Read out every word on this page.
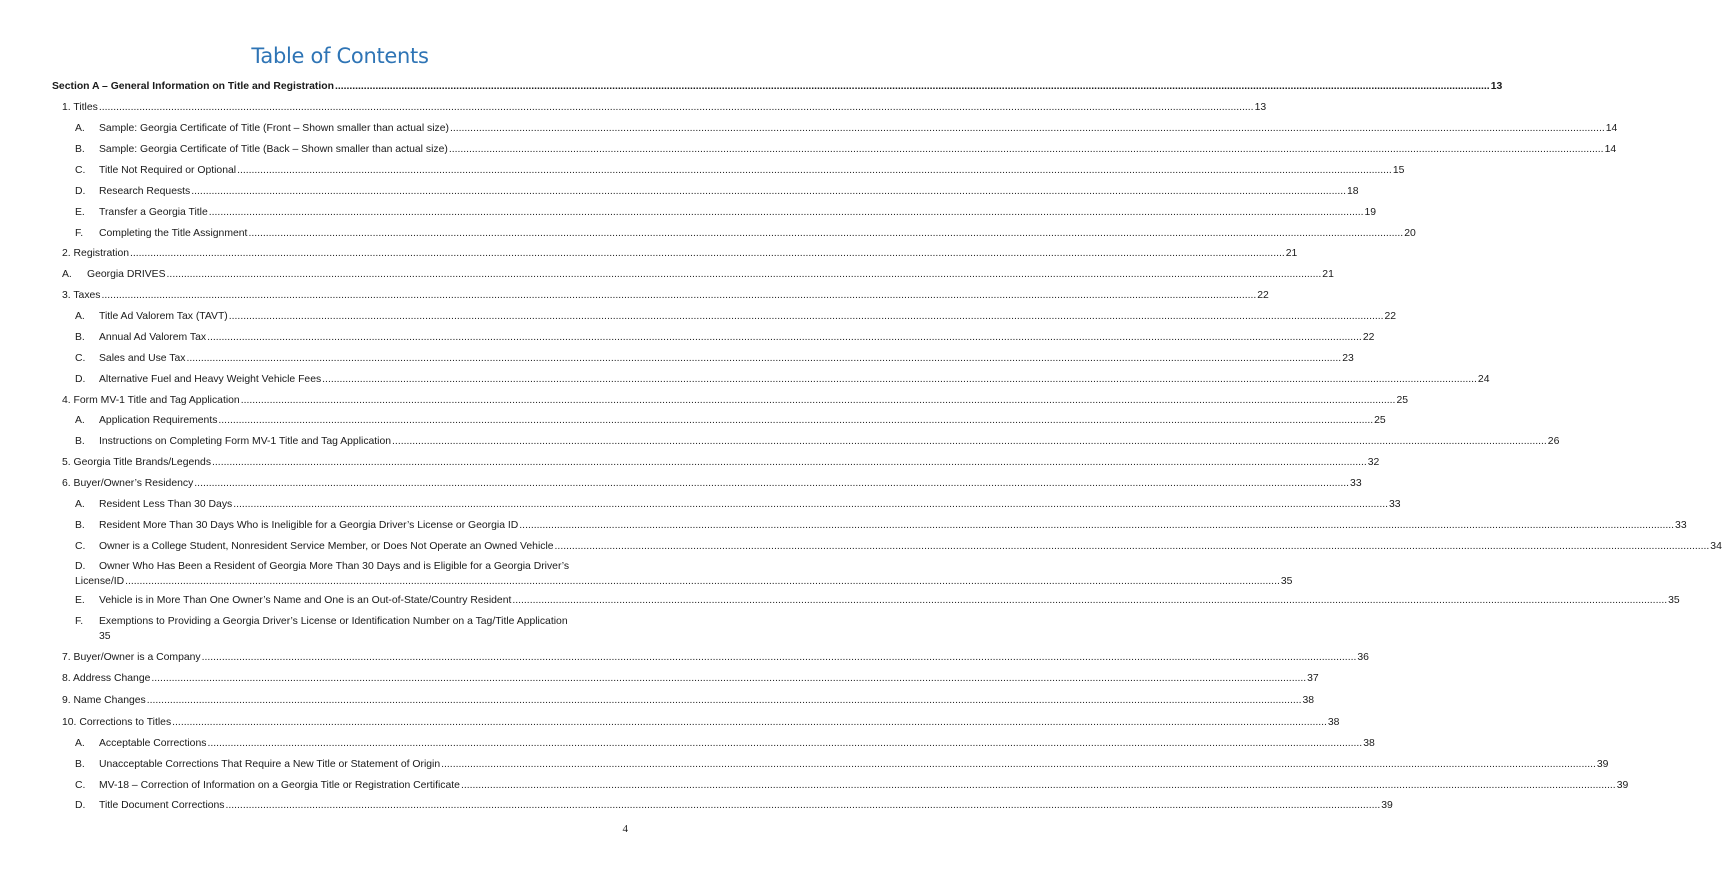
Table of Contents
Section A – General Information on Title and Registration ................................................................................................................................................................................................................................................................................................................................................................................................................ 13
1. Titles ................................................................................................................................................................................................................................................................................................................................................................................................................ 13
A.	Sample: Georgia Certificate of Title (Front – Shown smaller than actual size) ................................................................................................................................................................................................................................................................................................................................................................................................................ 14
B.	Sample: Georgia Certificate of Title (Back – Shown smaller than actual size) ................................................................................................................................................................................................................................................................................................................................................................................................................ 14
C.	Title Not Required or Optional ................................................................................................................................................................................................................................................................................................................................................................................................................ 15
D.	Research Requests ................................................................................................................................................................................................................................................................................................................................................................................................................ 18
E.	Transfer a Georgia Title ................................................................................................................................................................................................................................................................................................................................................................................................................ 19
F.	Completing the Title Assignment ................................................................................................................................................................................................................................................................................................................................................................................................................ 20
2. Registration ................................................................................................................................................................................................................................................................................................................................................................................................................ 21
A.	Georgia DRIVES ................................................................................................................................................................................................................................................................................................................................................................................................................ 21
3. Taxes ................................................................................................................................................................................................................................................................................................................................................................................................................ 22
A.	Title Ad Valorem Tax (TAVT) ................................................................................................................................................................................................................................................................................................................................................................................................................ 22
B.	Annual Ad Valorem Tax ................................................................................................................................................................................................................................................................................................................................................................................................................ 22
C.	Sales and Use Tax ................................................................................................................................................................................................................................................................................................................................................................................................................ 23
D.	Alternative Fuel and Heavy Weight Vehicle Fees ................................................................................................................................................................................................................................................................................................................................................................................................................ 24
4. Form MV-1 Title and Tag Application ................................................................................................................................................................................................................................................................................................................................................................................................................ 25
A.	Application Requirements ................................................................................................................................................................................................................................................................................................................................................................................................................ 25
B.	Instructions on Completing Form MV-1 Title and Tag Application ................................................................................................................................................................................................................................................................................................................................................................................................................ 26
5. Georgia Title Brands/Legends ................................................................................................................................................................................................................................................................................................................................................................................................................ 32
6. Buyer/Owner’s Residency ................................................................................................................................................................................................................................................................................................................................................................................................................ 33
A.	Resident Less Than 30 Days ................................................................................................................................................................................................................................................................................................................................................................................................................ 33
B.	Resident More Than 30 Days Who is Ineligible for a Georgia Driver’s License or Georgia ID ................................................................................................................................................................................................................................................................................................................................................................................................................ 33
C.	Owner is a College Student, Nonresident Service Member, or Does Not Operate an Owned Vehicle ................................................................................................................................................................................................................................................................................................................................................................................................................ 34
D.	Owner Who Has Been a Resident of Georgia More Than 30 Days and is Eligible for a Georgia Driver’s
License/ID ................................................................................................................................................................................................................................................................................................................................................................................................................ 35
E.	Vehicle is in More Than One Owner’s Name and One is an Out-of-State/Country Resident ................................................................................................................................................................................................................................................................................................................................................................................................................ 35
F.	Exemptions to Providing a Georgia Driver’s License or Identification Number on a Tag/Title Application
35
7. Buyer/Owner is a Company ................................................................................................................................................................................................................................................................................................................................................................................................................ 36
8. Address Change ................................................................................................................................................................................................................................................................................................................................................................................................................ 37
9. Name Changes ................................................................................................................................................................................................................................................................................................................................................................................................................ 38
10. Corrections to Titles ................................................................................................................................................................................................................................................................................................................................................................................................................ 38
A.	Acceptable Corrections ................................................................................................................................................................................................................................................................................................................................................................................................................ 38
B.	Unacceptable Corrections That Require a New Title or Statement of Origin ................................................................................................................................................................................................................................................................................................................................................................................................................ 39
C.	MV-18 – Correction of Information on a Georgia Title or Registration Certificate ................................................................................................................................................................................................................................................................................................................................................................................................................ 39
D.	Title Document Corrections ................................................................................................................................................................................................................................................................................................................................................................................................................ 39
4
